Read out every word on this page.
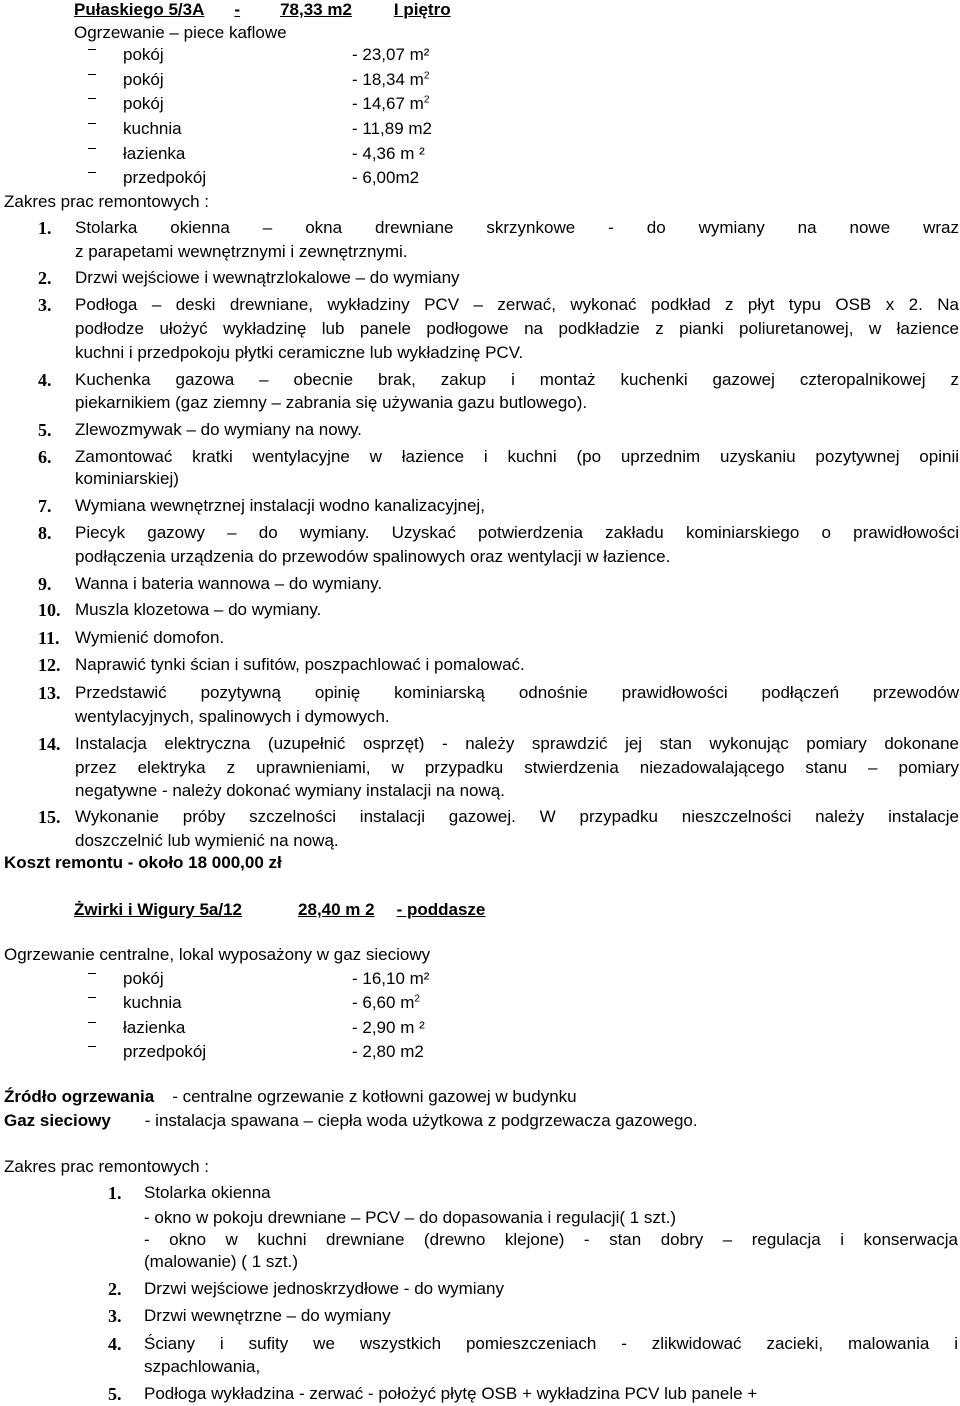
Pułaskiego 5/3A - 78,33 m2 I piętro
Ogrzewanie – piece kaflowe
pokój	- 23,07 m²
pokój	- 18,34 $m^2$
pokój	- 14,67 $m^2$
kuchnia	- 11,89 m2
łazienka	- 4,36 m ²
przedpokój	- 6,00m2
Zakres prac remontowych :
1. Stolarka okienna – okna drewniane skrzynkowe - do wymiany na nowe wraz
z parapetami wewnętrznymi i zewnętrznymi.
2. Drzwi wejściowe i wewnątrzlokalowe – do wymiany
3. Podłoga – deski drewniane, wykładziny PCV – zerwać, wykonać podkład z płyt typu OSB x 2. Na
podłodze ułożyć wykładzinę lub panele podłogowe na podkładzie z pianki poliuretanowej, w łazience
kuchni i przedpokoju płytki ceramiczne lub wykładzinę PCV.
4. Kuchenka gazowa – obecnie brak, zakup i montaż kuchenki gazowej czteropalnikowej z
piekarnikiem (gaz ziemny – zabrania się używania gazu butlowego).
5. Zlewozmywak – do wymiany na nowy.
6. Zamontować kratki wentylacyjne w łazience i kuchni (po uprzednim uzyskaniu pozytywnej opinii
kominiarskiej)
7. Wymiana wewnętrznej instalacji wodno kanalizacyjnej,
8. Piecyk gazowy – do wymiany. Uzyskać potwierdzenia zakładu kominiarskiego o prawidłowości
podłączenia urządzenia do przewodów spalinowych oraz wentylacji w łazience.
9. Wanna i bateria wannowa – do wymiany.
10. Muszla klozetowa – do wymiany.
11. Wymienić domofon.
12. Naprawić tynki ścian i sufitów, poszpachlować i pomalować.
13. Przedstawić pozytywną opinię kominiarską odnośnie prawidłowości podłączeń przewodów
wentylacyjnych, spalinowych i dymowych.
14. Instalacja elektryczna (uzupełnić osprzęt) - należy sprawdzić jej stan wykonując pomiary dokonane
przez elektrykа z uprawnieniami, w przypadku stwierdzenia niezadowalającego stanu – pomiary
negatywne - należy dokonać wymiany instalacji na nową.
15. Wykonanie próby szczelności instalacji gazowej. W przypadku nieszczelności należy instalacje
doszczelnić lub wymienić na nową.
Koszt remontu - około 18 000,00 zł
Żwirki i Wigury 5a/12	28,40 m 2 - poddasze
Ogrzewanie centralne, lokal wyposażony w gaz sieciowy
pokój	- 16,10 m²
kuchnia	- 6,60 $m^2$
łazienka	- 2,90 m ²
przedpokój	- 2,80 m2
Źródło ogrzewania - centralne ogrzewanie z kotłowni gazowej w budynku
Gaz sieciowy - instalacja spawana – ciepła woda użytkowa z podgrzewacza gazowego.
Zakres prac remontowych :
1. Stolarka okienna
- okno w pokoju drewniane – PCV – do dopasowania i regulacji( 1 szt.)
- okno w kuchni drewniane (drewno klejone) - stan dobry – regulacja i konserwacja
(malowanie) ( 1 szt.)
2. Drzwi wejściowe jednoskrzydłowe - do wymiany
3. Drzwi wewnętrzne – do wymiany
4. Ściany i sufity we wszystkich pomieszczeniach - zlikwidować zacieki, malowania i
szpachlowania,
5. Podłoga wykładzina - zerwać - położyć płytę OSB + wykładzina PCV lub panele +
